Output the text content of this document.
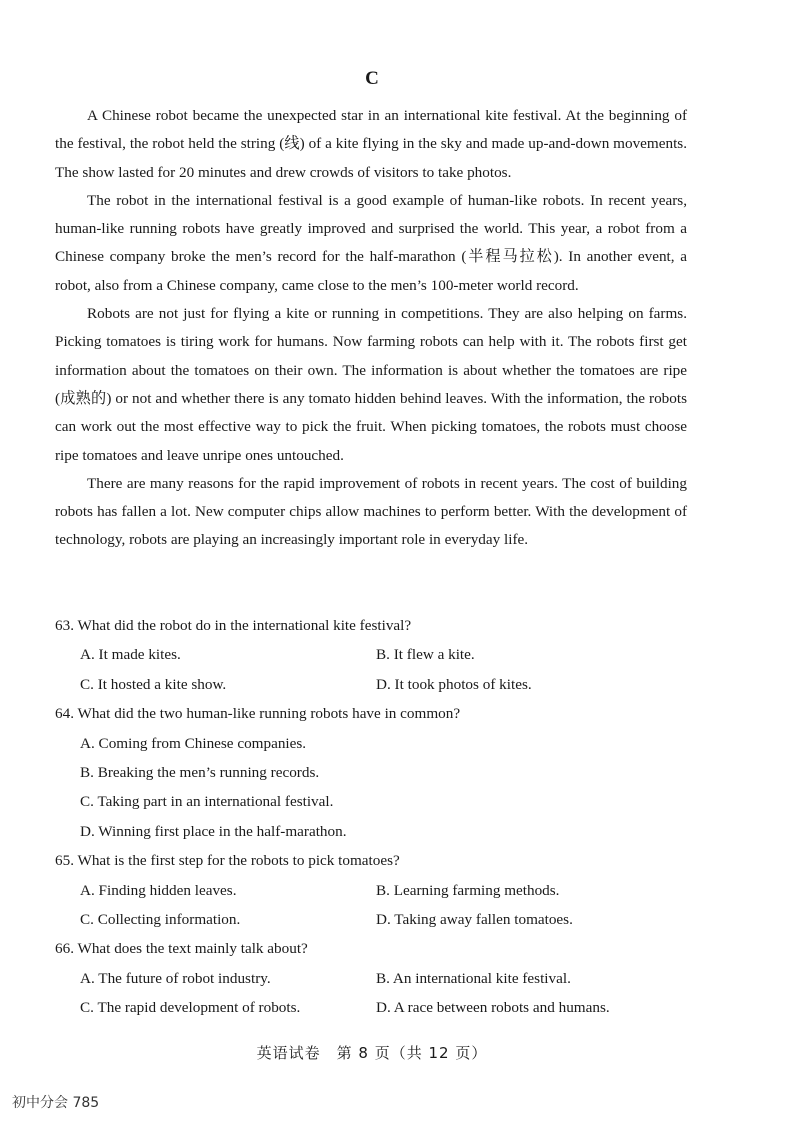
C

A Chinese robot became the unexpected star in an international kite festival. At the beginning of the festival, the robot held the string (线) of a kite flying in the sky and made up-and-down movements. The show lasted for 20 minutes and drew crowds of visitors to take photos.

The robot in the international festival is a good example of human-like robots. In recent years, human-like running robots have greatly improved and surprised the world. This year, a robot from a Chinese company broke the men’s record for the half-marathon (半程马拉松). In another event, a robot, also from a Chinese company, came close to the men’s 100-meter world record.

Robots are not just for flying a kite or running in competitions. They are also helping on farms. Picking tomatoes is tiring work for humans. Now farming robots can help with it. The robots first get information about the tomatoes on their own. The information is about whether the tomatoes are ripe (成熟的) or not and whether there is any tomato hidden behind leaves. With the information, the robots can work out the most effective way to pick the fruit. When picking tomatoes, the robots must choose ripe tomatoes and leave unripe ones untouched.

There are many reasons for the rapid improvement of robots in recent years. The cost of building robots has fallen a lot. New computer chips allow machines to perform better. With the development of technology, robots are playing an increasingly important role in everyday life.

63. What did the robot do in the international kite festival?

A. It made kites.	B. It flew a kite.
C. It hosted a kite show.	D. It took photos of kites.

64. What did the two human-like running robots have in common?

A. Coming from Chinese companies.
B. Breaking the men’s running records.
C. Taking part in an international festival.
D. Winning first place in the half-marathon.

65. What is the first step for the robots to pick tomatoes?

A. Finding hidden leaves.	B. Learning farming methods.
C. Collecting information.	D. Taking away fallen tomatoes.

66. What does the text mainly talk about?

A. The future of robot industry.	B. An international kite festival.
C. The rapid development of robots.	D. A race between robots and humans.
英语试卷　第 8 页（共 12 页）
初中分会 785
